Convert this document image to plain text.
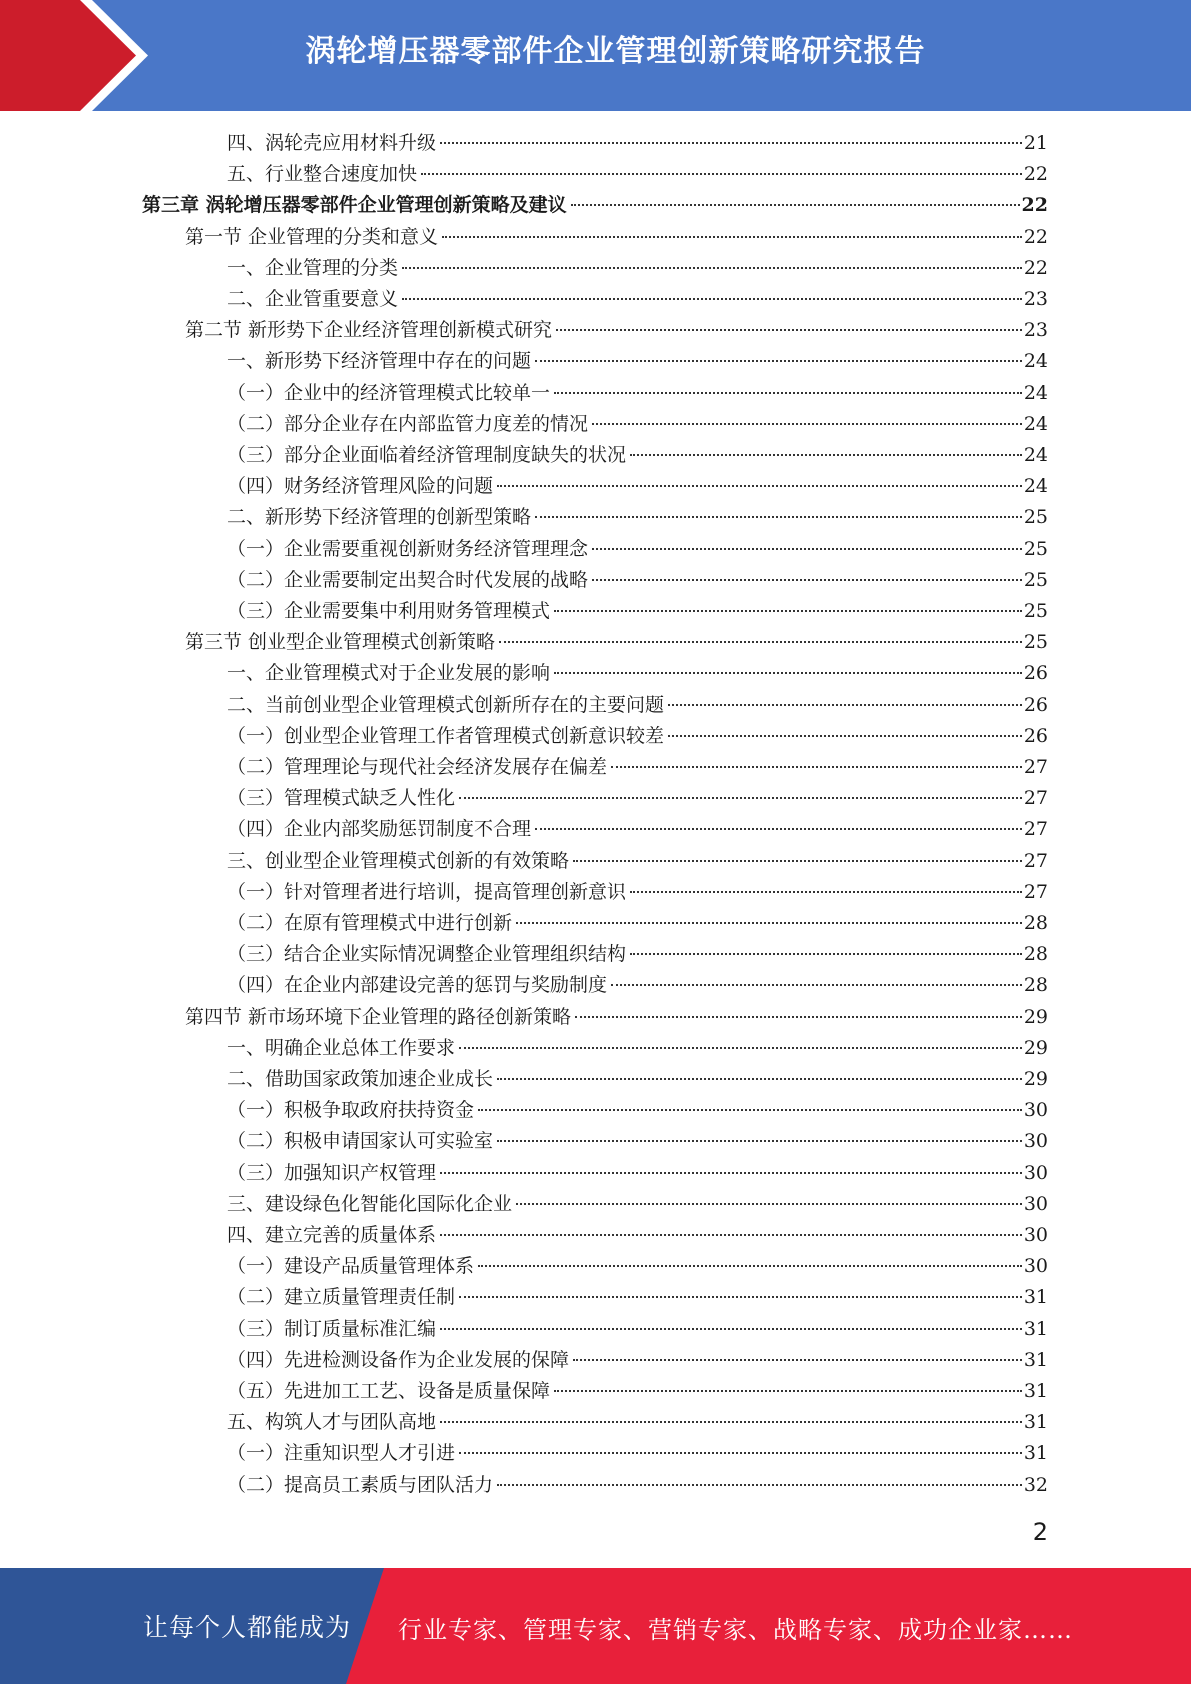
涡轮增压器零部件企业管理创新策略研究报告
四、涡轮壳应用材料升级	21
五、行业整合速度加快	22
第三章 涡轮增压器零部件企业管理创新策略及建议	22
第一节 企业管理的分类和意义	22
一、企业管理的分类	22
二、企业管重要意义	23
第二节 新形势下企业经济管理创新模式研究	23
一、新形势下经济管理中存在的问题	24
（一）企业中的经济管理模式比较单一	24
（二）部分企业存在内部监管力度差的情况	24
（三）部分企业面临着经济管理制度缺失的状况	24
（四）财务经济管理风险的问题	24
二、新形势下经济管理的创新型策略	25
（一）企业需要重视创新财务经济管理理念	25
（二）企业需要制定出契合时代发展的战略	25
（三）企业需要集中利用财务管理模式	25
第三节 创业型企业管理模式创新策略	25
一、企业管理模式对于企业发展的影响	26
二、当前创业型企业管理模式创新所存在的主要问题	26
（一）创业型企业管理工作者管理模式创新意识较差	26
（二）管理理论与现代社会经济发展存在偏差	27
（三）管理模式缺乏人性化	27
（四）企业内部奖励惩罚制度不合理	27
三、创业型企业管理模式创新的有效策略	27
（一）针对管理者进行培训，提高管理创新意识	27
（二）在原有管理模式中进行创新	28
（三）结合企业实际情况调整企业管理组织结构	28
（四）在企业内部建设完善的惩罚与奖励制度	28
第四节 新市场环境下企业管理的路径创新策略	29
一、明确企业总体工作要求	29
二、借助国家政策加速企业成长	29
（一）积极争取政府扶持资金	30
（二）积极申请国家认可实验室	30
（三）加强知识产权管理	30
三、建设绿色化智能化国际化企业	30
四、建立完善的质量体系	30
（一）建设产品质量管理体系	30
（二）建立质量管理责任制	31
（三）制订质量标准汇编	31
（四）先进检测设备作为企业发展的保障	31
（五）先进加工工艺、设备是质量保障	31
五、构筑人才与团队高地	31
（一）注重知识型人才引进	31
（二）提高员工素质与团队活力	32
2
让每个人都能成为 行业专家、管理专家、营销专家、战略专家、成功企业家……
